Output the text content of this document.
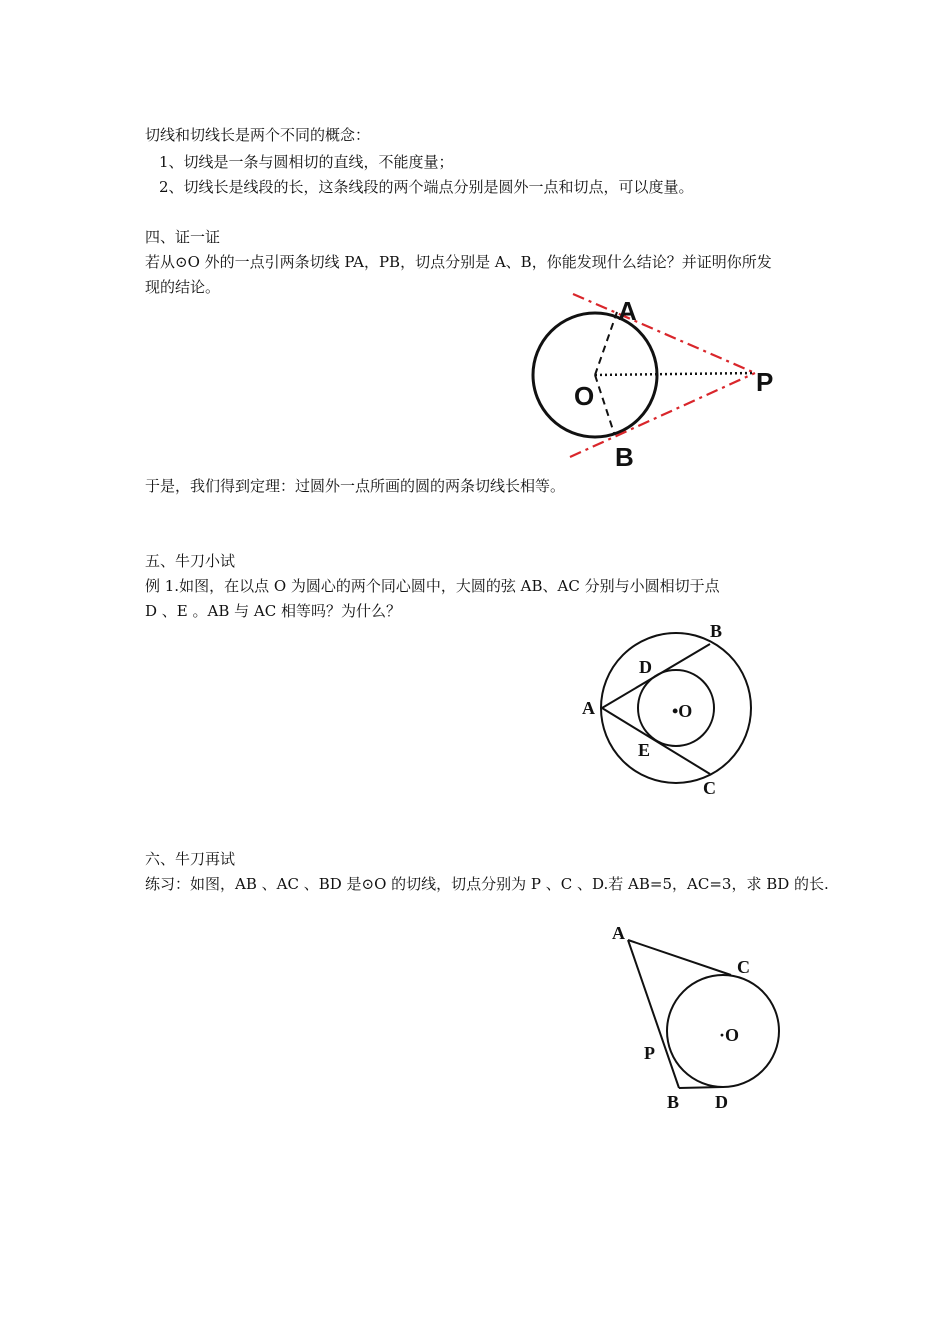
切线和切线长是两个不同的概念：
1、切线是一条与圆相切的直线，不能度量；
2、切线长是线段的长，这条线段的两个端点分别是圆外一点和切点，可以度量。
四、证一证
若从⊙O 外的一点引两条切线 PA，PB，切点分别是 A、B，你能发现什么结论？并证明你所发
现的结论。
A
O	P
B
于是，我们得到定理：过圆外一点所画的圆的两条切线长相等。
五、牛刀小试
例 1.如图，在以点 O 为圆心的两个同心圆中，大圆的弦 AB、AC 分别与小圆相切于点
D 、E 。AB 与 AC 相等吗？为什么？
B
D
A	•O
E
C
六、牛刀再试
练习：如图，AB 、AC 、BD 是⊙O 的切线，切点分别为 P 、C 、D.若 AB=5，AC=3，求 BD 的长.
A
C
·O
P
B D
